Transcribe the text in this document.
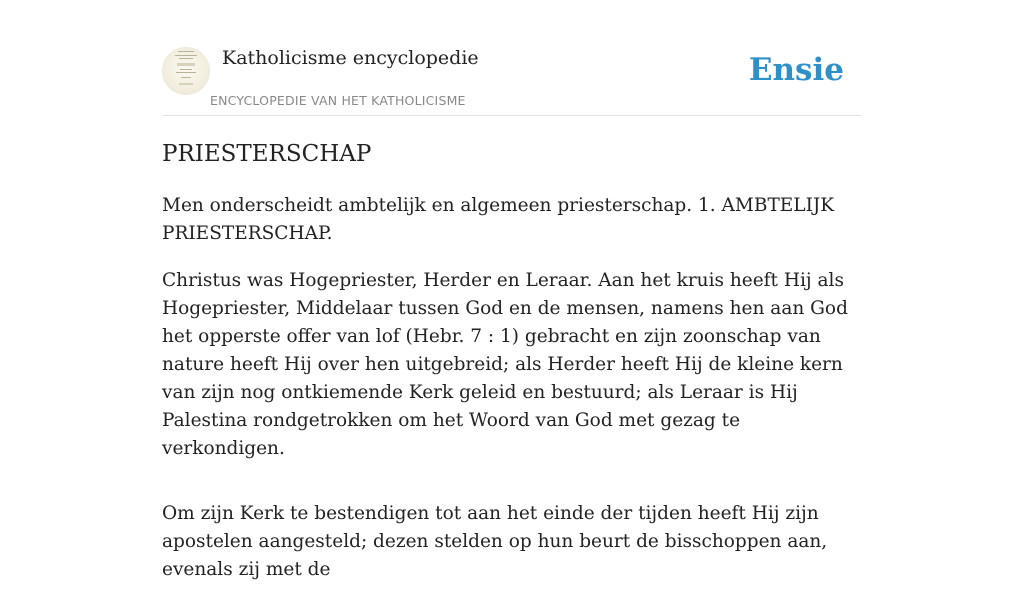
Katholicisme encyclopedie
ENCYCLOPEDIE VAN HET KATHOLICISME
Ensie
PRIESTERSCHAP

Men onderscheidt ambtelijk en algemeen priesterschap. 1. AMBTELIJK PRIESTERSCHAP.

Christus was Hogepriester, Herder en Leraar. Aan het kruis heeft Hij als Hogepriester, Middelaar tussen God en de mensen, namens hen aan God het opperste offer van lof (Hebr. 7 : 1) gebracht en zijn zoonschap van nature heeft Hij over hen uitgebreid; als Herder heeft Hij de kleine kern van zijn nog ontkiemende Kerk geleid en bestuurd; als Leraar is Hij Palestina rondgetrokken om het Woord van God met gezag te verkondigen.

Om zijn Kerk te bestendigen tot aan het einde der tijden heeft Hij zijn apostelen aangesteld; dezen stelden op hun beurt de bisschoppen aan, evenals zij met de
